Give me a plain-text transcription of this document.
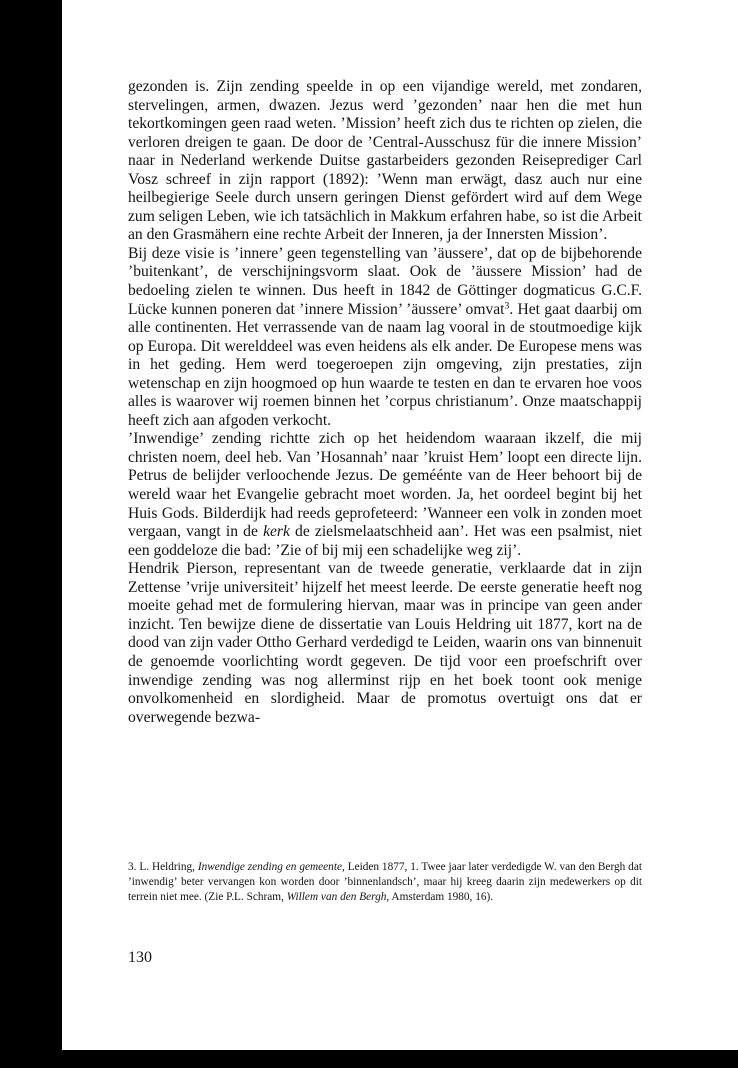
gezonden is. Zijn zending speelde in op een vijandige wereld, met zondaren, stervelingen, armen, dwazen. Jezus werd ’gezonden’ naar hen die met hun tekortkomingen geen raad weten. ’Mission’ heeft zich dus te richten op zielen, die verloren dreigen te gaan. De door de ’Central-Ausschusz für die innere Mission’ naar in Nederland werkende Duitse gastarbeiders gezonden Reiseprediger Carl Vosz schreef in zijn rapport (1892): ’Wenn man erwägt, dasz auch nur eine heilbegierige Seele durch unsern geringen Dienst gefördert wird auf dem Wege zum seligen Leben, wie ich tatsächlich in Makkum erfahren habe, so ist die Arbeit an den Grasmähern eine rechte Arbeit der Inneren, ja der Innersten Mission’.

Bij deze visie is ’innere’ geen tegenstelling van ’äussere’, dat op de bijbehorende ’buitenkant’, de verschijningsvorm slaat. Ook de ’äussere Mission’ had de bedoeling zielen te winnen. Dus heeft in 1842 de Göttinger dogmaticus G.C.F. Lücke kunnen poneren dat ’innere Mission’ ’äussere’ omvat$^3$. Het gaat daarbij om alle continenten. Het verrassende van de naam lag vooral in de stoutmoedige kijk op Europa. Dit werelddeel was even heidens als elk ander. De Europese mens was in het geding. Hem werd toegeroepen zijn omgeving, zijn prestaties, zijn wetenschap en zijn hoogmoed op hun waarde te testen en dan te ervaren hoe voos alles is waarover wij roemen binnen het ’corpus christianum’. Onze maatschappij heeft zich aan afgoden verkocht.

’Inwendige’ zending richtte zich op het heidendom waaraan ikzelf, die mij christen noem, deel heb. Van ’Hosannah’ naar ’kruist Hem’ loopt een directe lijn. Petrus de belijder verloochende Jezus. De geméénte van de Heer behoort bij de wereld waar het Evangelie gebracht moet worden. Ja, het oordeel begint bij het Huis Gods. Bilderdijk had reeds geprofeteerd: ’Wanneer een volk in zonden moet vergaan, vangt in de kerk de zielsmelaatschheid aan’. Het was een psalmist, niet een goddeloze die bad: ’Zie of bij mij een schadelijke weg zij’.

Hendrik Pierson, representant van de tweede generatie, verklaarde dat in zijn Zettense ’vrije universiteit’ hijzelf het meest leerde. De eerste generatie heeft nog moeite gehad met de formulering hiervan, maar was in principe van geen ander inzicht. Ten bewijze diene de dissertatie van Louis Heldring uit 1877, kort na de dood van zijn vader Ottho Gerhard verdedigd te Leiden, waarin ons van binnenuit de genoemde voorlichting wordt gegeven. De tijd voor een proefschrift over inwendige zending was nog allerminst rijp en het boek toont ook menige onvolkomenheid en slordigheid. Maar de promotus overtuigt ons dat er overwegende bezwa-

3. L. Heldring, Inwendige zending en gemeente, Leiden 1877, 1. Twee jaar later verdedigde W. van den Bergh dat ’inwendig’ beter vervangen kon worden door ’binnenlandsch’, maar hij kreeg daarin zijn medewerkers op dit terrein niet mee. (Zie P.L. Schram, Willem van den Bergh, Amsterdam 1980, 16).
130
